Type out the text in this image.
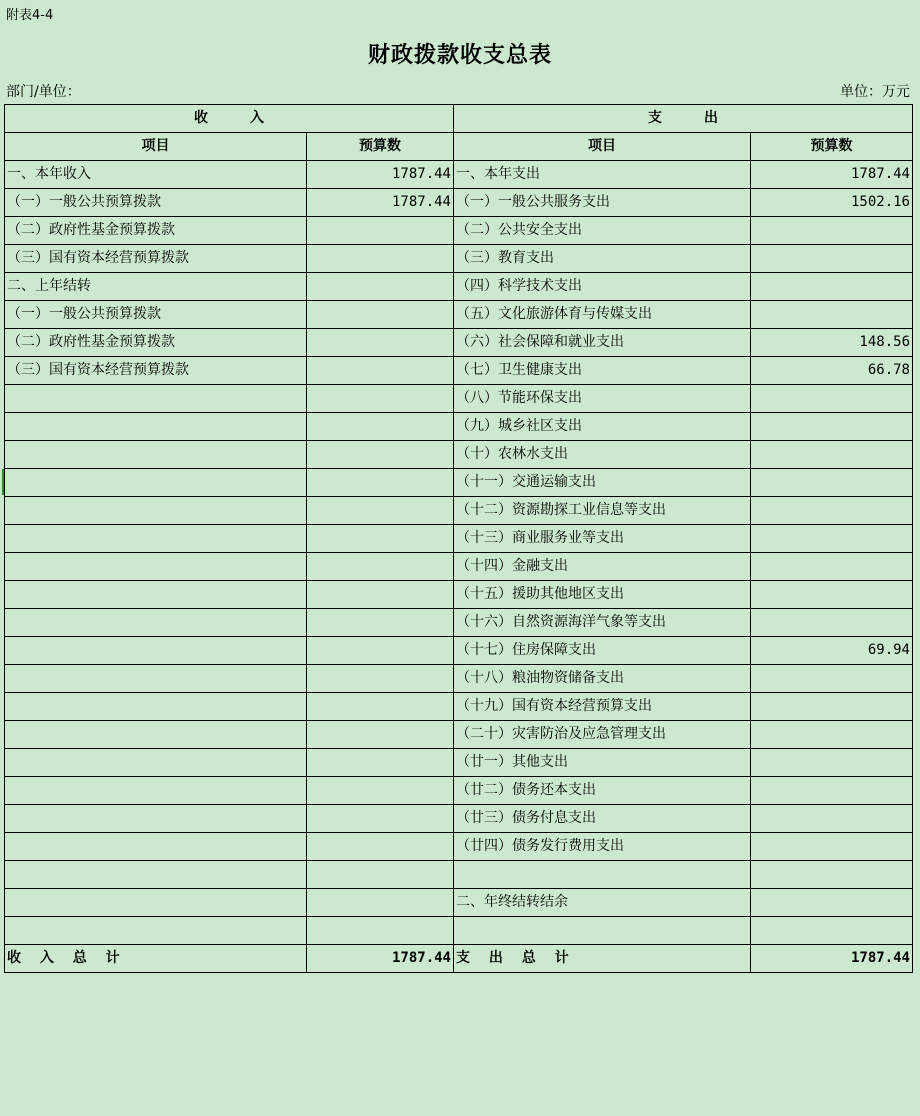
附表4-4
财政拨款收支总表
部门/单位：	单位：万元
收　　　入		支　　　出	
项目	预算数	项目	预算数
一、本年收入	1787.44	一、本年支出	1787.44
（一）一般公共预算拨款	1787.44	（一）一般公共服务支出	1502.16
（二）政府性基金预算拨款		（二）公共安全支出	
（三）国有资本经营预算拨款		（三）教育支出	
二、上年结转		（四）科学技术支出	
（一）一般公共预算拨款		（五）文化旅游体育与传媒支出	
（二）政府性基金预算拨款		（六）社会保障和就业支出	148.56
（三）国有资本经营预算拨款		（七）卫生健康支出	66.78
		（八）节能环保支出	
		（九）城乡社区支出	
		（十）农林水支出	
		（十一）交通运输支出	
		（十二）资源勘探工业信息等支出	
		（十三）商业服务业等支出	
		（十四）金融支出	
		（十五）援助其他地区支出	
		（十六）自然资源海洋气象等支出	
		（十七）住房保障支出	69.94
		（十八）粮油物资储备支出	
		（十九）国有资本经营预算支出	
		（二十）灾害防治及应急管理支出	
		（廿一）其他支出	
		（廿二）债务还本支出	
		（廿三）债务付息支出	
		（廿四）债务发行费用支出	

		二、年终结转结余	

收　 入　 总　 计	1787.44	支　 出　 总　 计	1787.44
